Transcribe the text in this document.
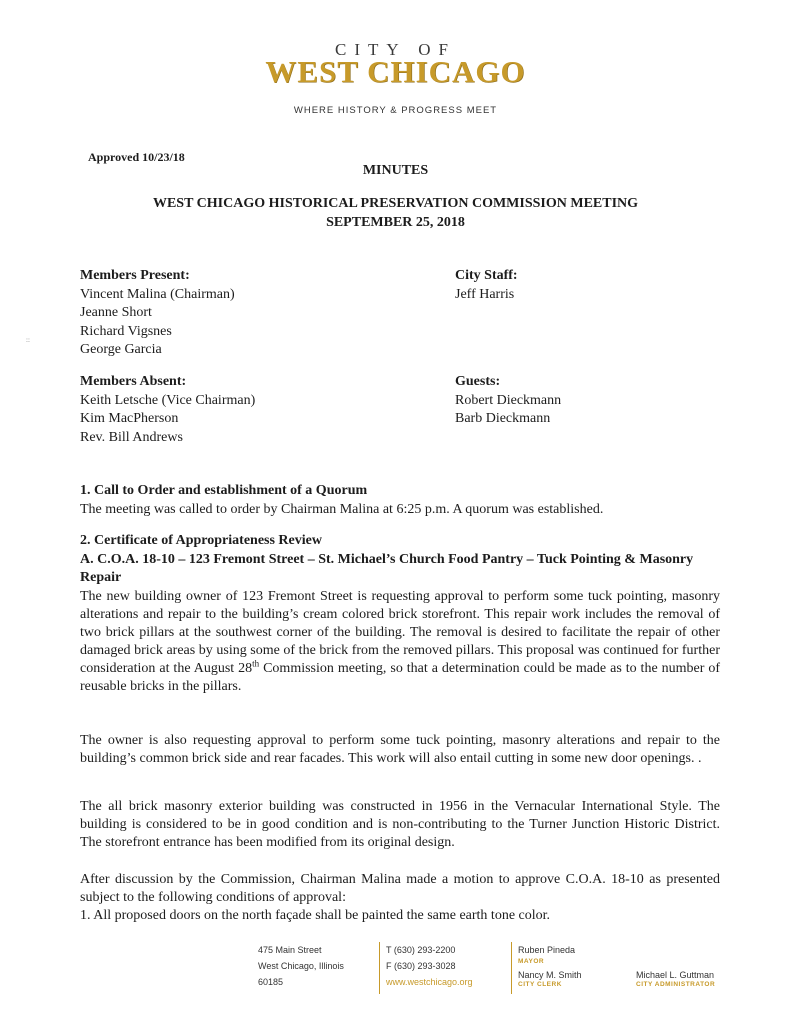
CITY OF
WEST CHICAGO
WHERE HISTORY & PROGRESS MEET
Approved 10/23/18
MINUTES
WEST CHICAGO HISTORICAL PRESERVATION COMMISSION MEETING
SEPTEMBER 25, 2018
Members Present:
Vincent Malina (Chairman)
Jeanne Short
Richard Vigsnes
George Garcia
City Staff:
Jeff Harris
::
Members Absent:
Keith Letsche (Vice Chairman)
Kim MacPherson
Rev. Bill Andrews
Guests:
Robert Dieckmann
Barb Dieckmann
1. Call to Order and establishment of a Quorum
The meeting was called to order by Chairman Malina at 6:25 p.m. A quorum was established.
2. Certificate of Appropriateness Review
A. C.O.A. 18-10 – 123 Fremont Street – St. Michael’s Church Food Pantry – Tuck Pointing & Masonry Repair
The new building owner of 123 Fremont Street is requesting approval to perform some tuck pointing, masonry alterations and repair to the building’s cream colored brick storefront. This repair work includes the removal of two brick pillars at the southwest corner of the building. The removal is desired to facilitate the repair of other damaged brick areas by using some of the brick from the removed pillars. This proposal was continued for further consideration at the August 28th Commission meeting, so that a determination could be made as to the number of reusable bricks in the pillars.
The owner is also requesting approval to perform some tuck pointing, masonry alterations and repair to the building’s common brick side and rear facades. This work will also entail cutting in some new door openings. .
The all brick masonry exterior building was constructed in 1956 in the Vernacular International Style. The building is considered to be in good condition and is non-contributing to the Turner Junction Historic District. The storefront entrance has been modified from its original design.
After discussion by the Commission, Chairman Malina made a motion to approve C.O.A. 18-10 as presented subject to the following conditions of approval:
1. All proposed doors on the north façade shall be painted the same earth tone color.
475 Main Street
West Chicago, Illinois
60185
T (630) 293-2200
F (630) 293-3028
www.westchicago.org
Ruben Pineda
MAYOR
Nancy M. Smith
CITY CLERK
Michael L. Guttman
CITY ADMINISTRATOR
